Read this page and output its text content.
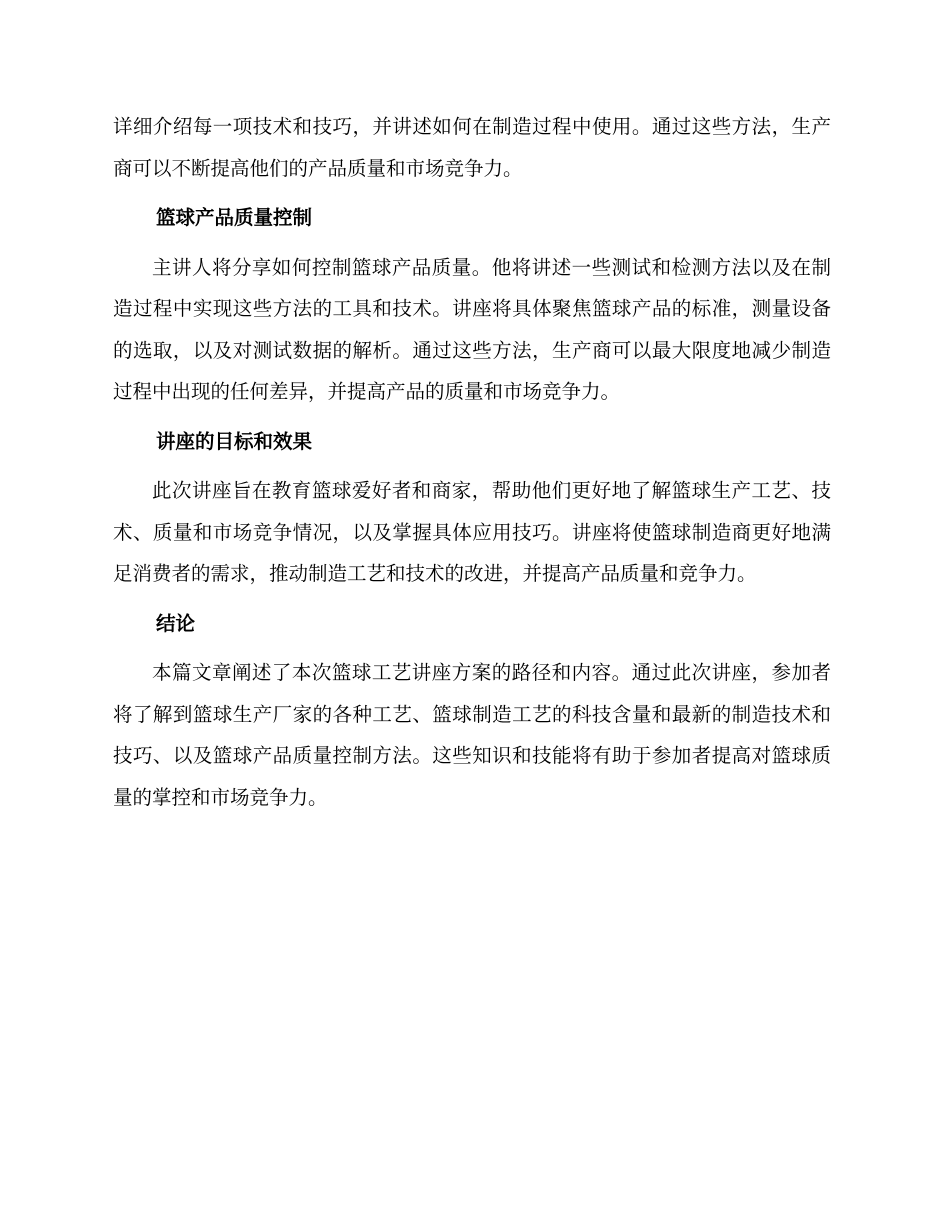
详细介绍每一项技术和技巧，并讲述如何在制造过程中使用。通过这些方法，生产商可以不断提高他们的产品质量和市场竞争力。

篮球产品质量控制

主讲人将分享如何控制篮球产品质量。他将讲述一些测试和检测方法以及在制造过程中实现这些方法的工具和技术。讲座将具体聚焦篮球产品的标准，测量设备的选取，以及对测试数据的解析。通过这些方法，生产商可以最大限度地减少制造过程中出现的任何差异，并提高产品的质量和市场竞争力。

讲座的目标和效果

此次讲座旨在教育篮球爱好者和商家，帮助他们更好地了解篮球生产工艺、技术、质量和市场竞争情况，以及掌握具体应用技巧。讲座将使篮球制造商更好地满足消费者的需求，推动制造工艺和技术的改进，并提高产品质量和竞争力。

结论

本篇文章阐述了本次篮球工艺讲座方案的路径和内容。通过此次讲座，参加者将了解到篮球生产厂家的各种工艺、篮球制造工艺的科技含量和最新的制造技术和技巧、以及篮球产品质量控制方法。这些知识和技能将有助于参加者提高对篮球质量的掌控和市场竞争力。
